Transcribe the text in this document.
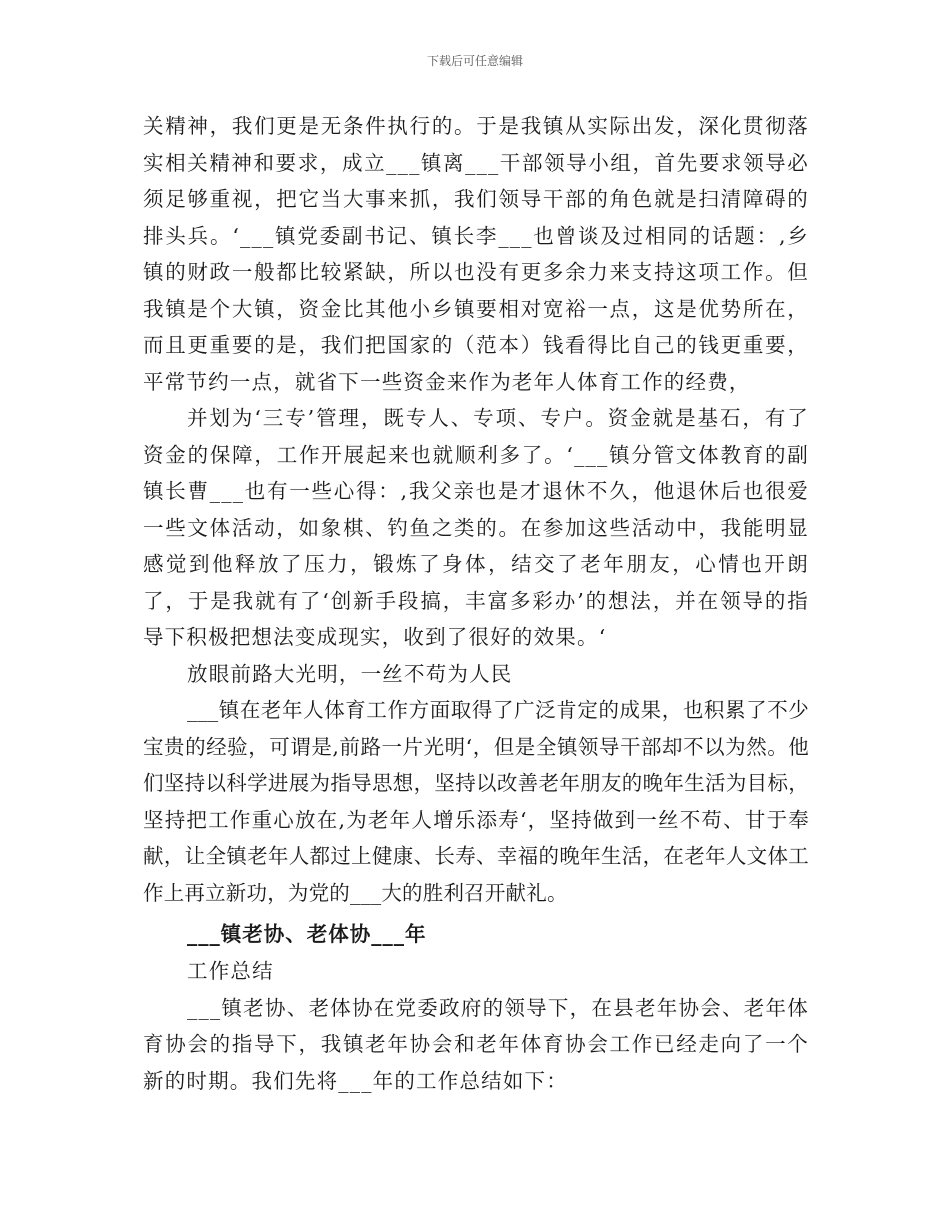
下载后可任意编辑

关精神，我们更是无条件执行的。于是我镇从实际出发，深化贯彻落实相关精神和要求，成立___镇离___干部领导小组，首先要求领导必须足够重视，把它当大事来抓，我们领导干部的角色就是扫清障碍的排头兵。‘___镇党委副书记、镇长李___也曾谈及过相同的话题：,乡镇的财政一般都比较紧缺，所以也没有更多余力来支持这项工作。但我镇是个大镇，资金比其他小乡镇要相对宽裕一点，这是优势所在，而且更重要的是，我们把国家的（范本）钱看得比自己的钱更重要，平常节约一点，就省下一些资金来作为老年人体育工作的经费，

并划为‘三专’管理，既专人、专项、专户。资金就是基石，有了资金的保障，工作开展起来也就顺利多了。‘___镇分管文体教育的副镇长曹___也有一些心得：,我父亲也是才退休不久，他退休后也很爱一些文体活动，如象棋、钓鱼之类的。在参加这些活动中，我能明显感觉到他释放了压力，锻炼了身体，结交了老年朋友，心情也开朗了，于是我就有了‘创新手段搞，丰富多彩办’的想法，并在领导的指导下积极把想法变成现实，收到了很好的效果。‘

放眼前路大光明，一丝不苟为人民

___镇在老年人体育工作方面取得了广泛肯定的成果，也积累了不少宝贵的经验，可谓是,前路一片光明‘，但是全镇领导干部却不以为然。他们坚持以科学进展为指导思想，坚持以改善老年朋友的晚年生活为目标，坚持把工作重心放在,为老年人增乐添寿‘，坚持做到一丝不苟、甘于奉献，让全镇老年人都过上健康、长寿、幸福的晚年生活，在老年人文体工作上再立新功，为党的___大的胜利召开献礼。

___镇老协、老体协___年

工作总结

___镇老协、老体协在党委政府的领导下，在县老年协会、老年体育协会的指导下，我镇老年协会和老年体育协会工作已经走向了一个新的时期。我们先将___年的工作总结如下：
